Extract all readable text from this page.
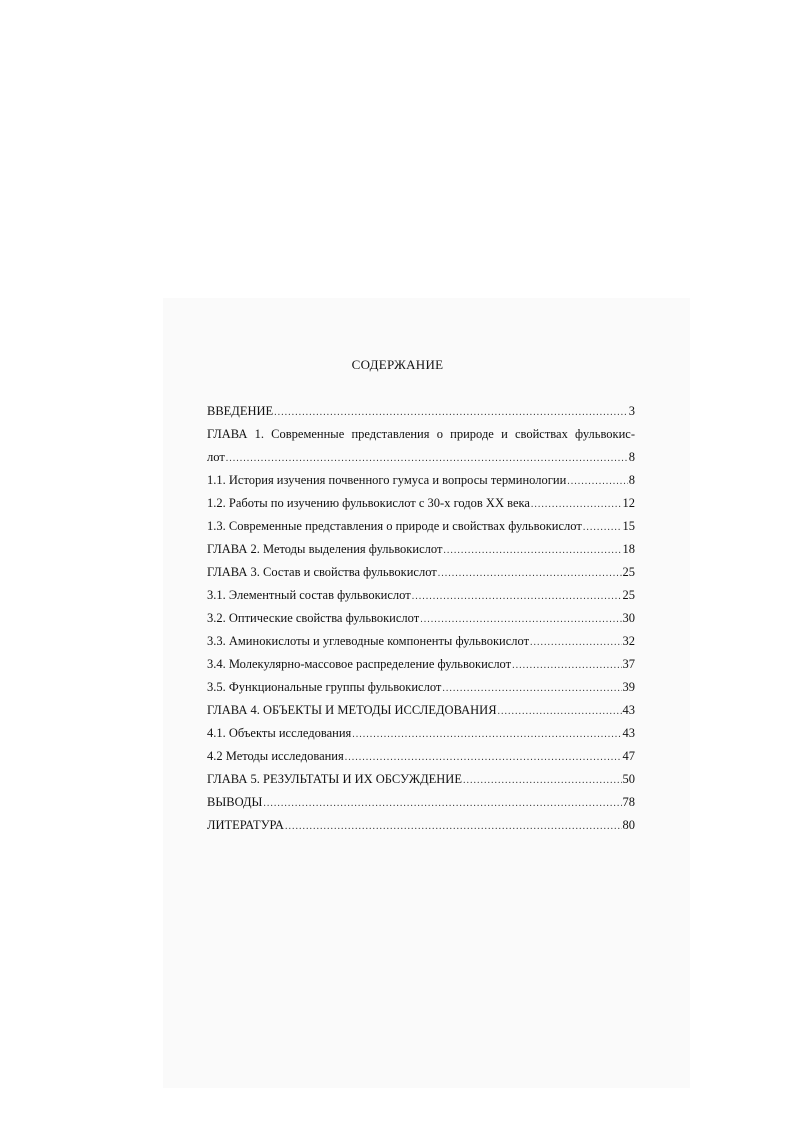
СОДЕРЖАНИЕ
ВВЕДЕНИЕ .....	3
ГЛАВА 1. Современные представления о природе и свойствах фульвокис-
лот .....	8
1.1. История изучения почвенного гумуса и вопросы терминологии .....	8
1.2. Работы по изучению фульвокислот с 30-х годов XX века .....	12
1.3. Современные представления о природе и свойствах фульвокислот .....	15
ГЛАВА 2. Методы выделения фульвокислот .....	18
ГЛАВА 3. Состав и свойства фульвокислот .....	25
3.1. Элементный состав фульвокислот .....	25
3.2. Оптические свойства фульвокислот .....	30
3.3. Аминокислоты и углеводные компоненты фульвокислот .....	32
3.4. Молекулярно-массовое распределение фульвокислот .....	37
3.5. Функциональные группы фульвокислот .....	39
ГЛАВА 4. ОБЪЕКТЫ И МЕТОДЫ ИССЛЕДОВАНИЯ .....	43
4.1. Объекты исследования .....	43
4.2 Методы исследования .....	47
ГЛАВА 5. РЕЗУЛЬТАТЫ И ИХ ОБСУЖДЕНИЕ .....	50
ВЫВОДЫ .....	78
ЛИТЕРАТУРА .....	80
